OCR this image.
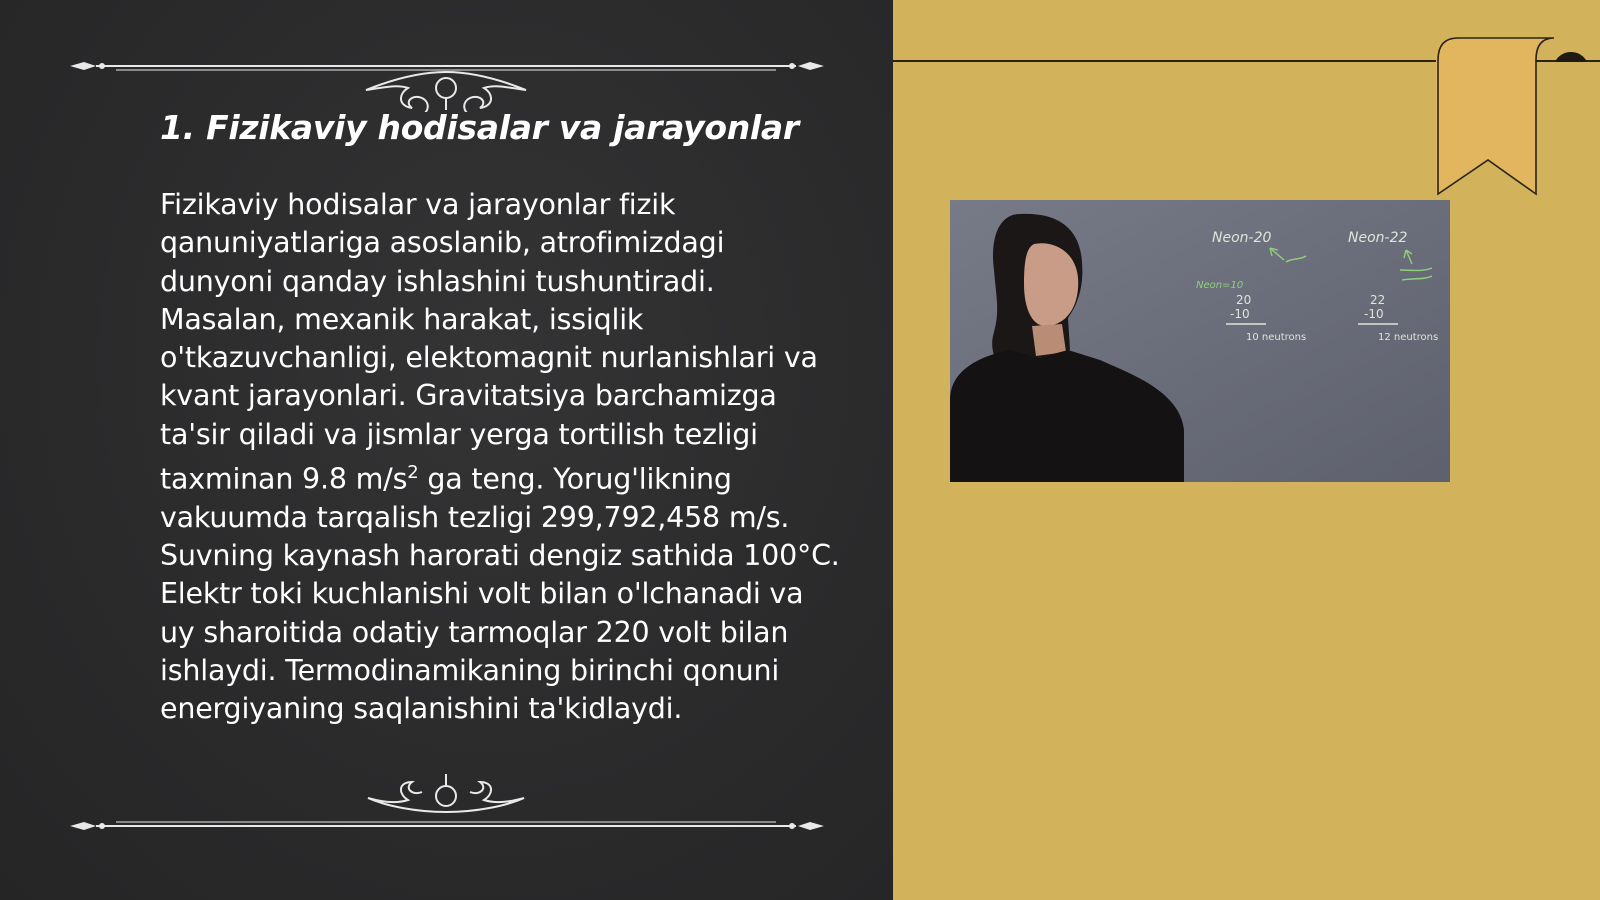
1. Fizikaviy hodisalar va jarayonlar

Fizikaviy hodisalar va jarayonlar fizik qanuniyatlariga asoslanib, atrofimizdagi dunyoni qanday ishlashini tushuntiradi. Masalan, mexanik harakat, issiqlik o'tkazuvchanligi, elektomagnit nurlanishlari va kvant jarayonlari. Gravitatsiya barchamizga ta'sir qiladi va jismlar yerga tortilish tezligi taxminan 9.8 $m/s^2$ ga teng. Yorug'likning vakuumda tarqalish tezligi 299,792,458 m/s. Suvning kaynash harorati dengiz sathida 100°C. Elektr toki kuchlanishi volt bilan o'lchanadi va uy sharoitida odatiy tarmoqlar 220 volt bilan ishlaydi. Termodinamikaning birinchi qonuni energiyaning saqlanishini ta'kidlaydi.

Neon-20
Neon=10
20
-10
10 neutrons
Neon-22
22
-10
12 neutrons
